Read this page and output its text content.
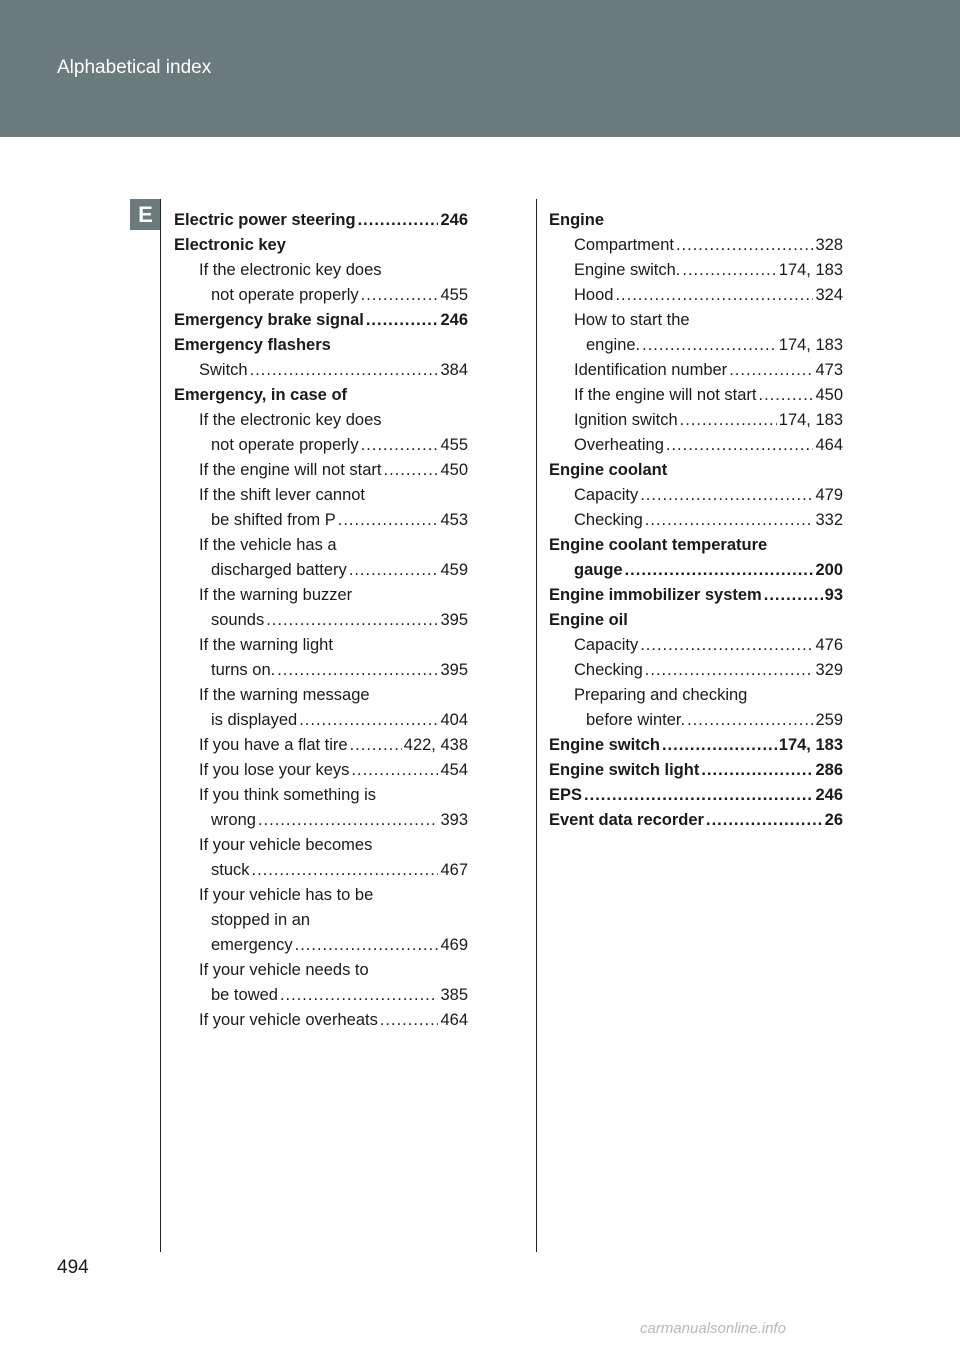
Alphabetical index
E	Electric power steering .....	246
Electronic key
If the electronic key does
not operate properly .....	455
Emergency brake signal .....	246
Emergency flashers
Switch .....	384
Emergency, in case of
If the electronic key does
not operate properly .....	455
If the engine will not start .....	450
If the shift lever cannot
be shifted from P .....	453
If the vehicle has a
discharged battery .....	459
If the warning buzzer
sounds .....	395
If the warning light
turns on. .....	395
If the warning message
is displayed .....	404
If you have a flat tire .....	422, 438
If you lose your keys .....	454
If you think something is
wrong .....	393
If your vehicle becomes
stuck .....	467
If your vehicle has to be
stopped in an
emergency .....	469
If your vehicle needs to
be towed .....	385
If your vehicle overheats .....	464
Engine
Compartment .....	328
Engine switch. .....	174, 183
Hood .....	324
How to start the
engine. .....	174, 183
Identification number .....	473
If the engine will not start .....	450
Ignition switch .....	174, 183
Overheating .....	464
Engine coolant
Capacity .....	479
Checking .....	332
Engine coolant temperature
gauge .....	200
Engine immobilizer system .....	93
Engine oil
Capacity .....	476
Checking .....	329
Preparing and checking
before winter. .....	259
Engine switch .....	174, 183
Engine switch light .....	286
EPS .....	246
Event data recorder .....	26
494
carmanualsonline.info
